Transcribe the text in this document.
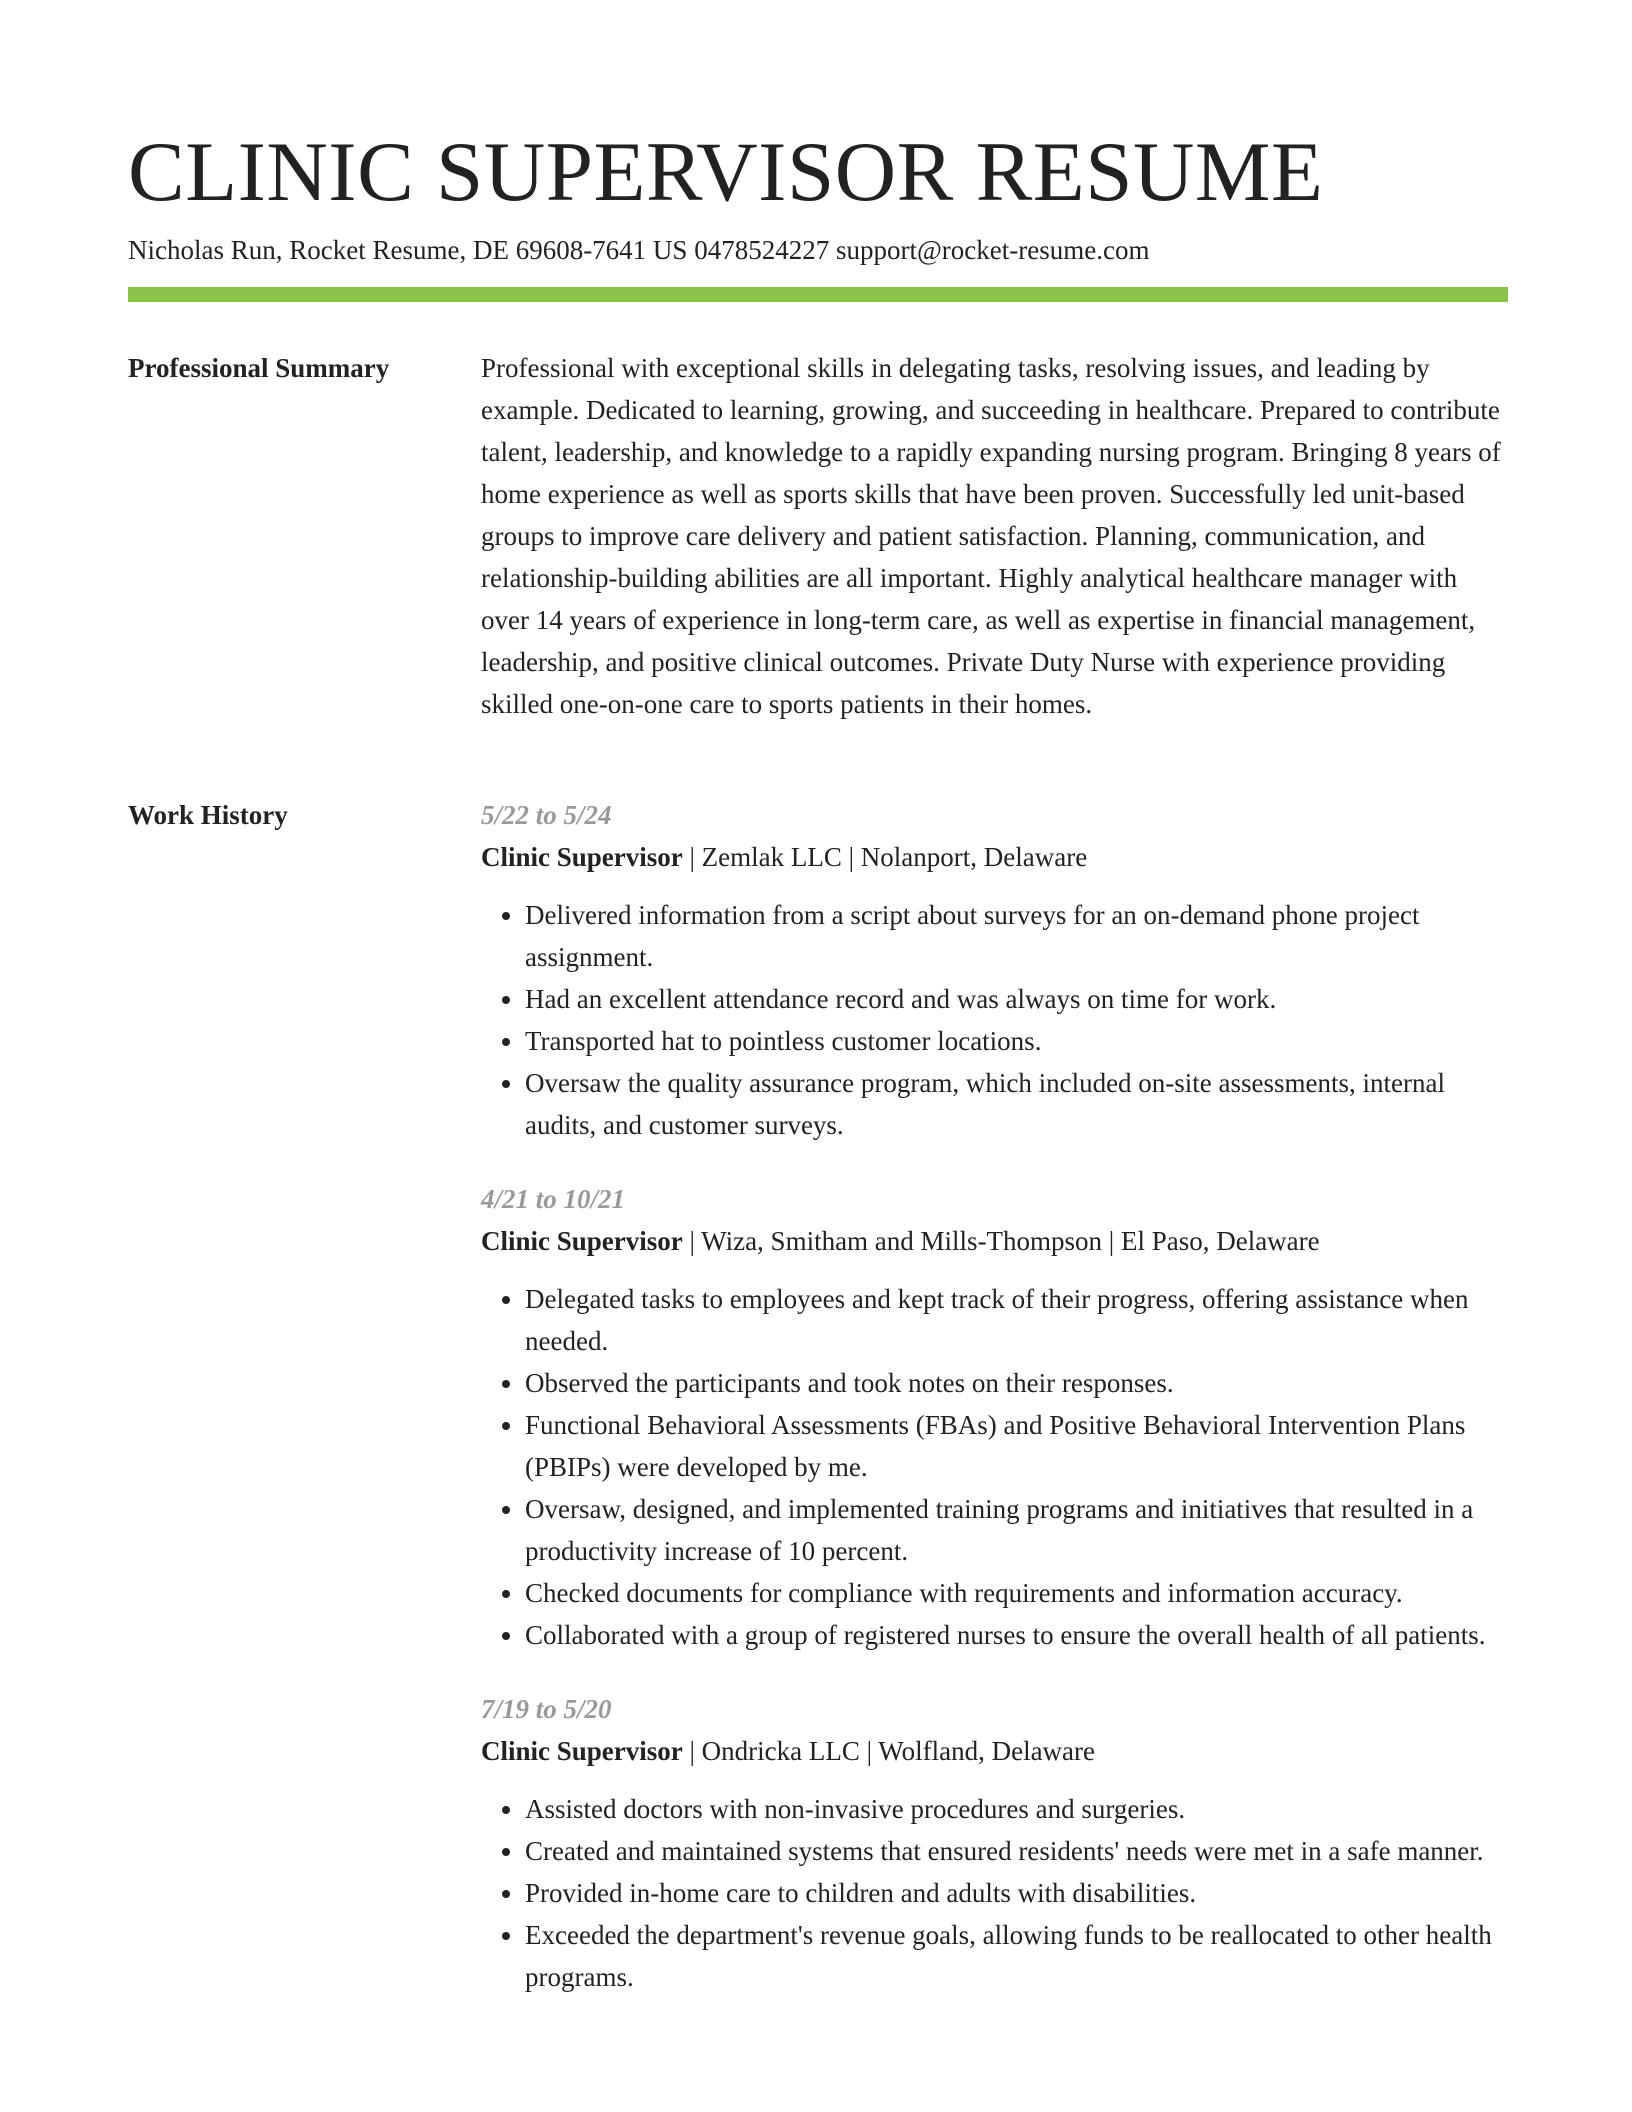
CLINIC SUPERVISOR RESUME
Nicholas Run, Rocket Resume, DE 69608-7641 US 0478524227 support@rocket-resume.com
Professional Summary	Professional with exceptional skills in delegating tasks, resolving issues, and leading by example. Dedicated to learning, growing, and succeeding in healthcare. Prepared to contribute talent, leadership, and knowledge to a rapidly expanding nursing program. Bringing 8 years of home experience as well as sports skills that have been proven. Successfully led unit-based groups to improve care delivery and patient satisfaction. Planning, communication, and relationship-building abilities are all important. Highly analytical healthcare manager with over 14 years of experience in long-term care, as well as expertise in financial management, leadership, and positive clinical outcomes. Private Duty Nurse with experience providing skilled one-on-one care to sports patients in their homes.

Work History	5/22 to 5/24
Clinic Supervisor | Zemlak LLC | Nolanport, Delaware
• Delivered information from a script about surveys for an on-demand phone project assignment.
• Had an excellent attendance record and was always on time for work.
• Transported hat to pointless customer locations.
• Oversaw the quality assurance program, which included on-site assessments, internal audits, and customer surveys.
4/21 to 10/21
Clinic Supervisor | Wiza, Smitham and Mills-Thompson | El Paso, Delaware
• Delegated tasks to employees and kept track of their progress, offering assistance when needed.
• Observed the participants and took notes on their responses.
• Functional Behavioral Assessments (FBAs) and Positive Behavioral Intervention Plans (PBIPs) were developed by me.
• Oversaw, designed, and implemented training programs and initiatives that resulted in a productivity increase of 10 percent.
• Checked documents for compliance with requirements and information accuracy.
• Collaborated with a group of registered nurses to ensure the overall health of all patients.
7/19 to 5/20
Clinic Supervisor | Ondricka LLC | Wolfland, Delaware
• Assisted doctors with non-invasive procedures and surgeries.
• Created and maintained systems that ensured residents' needs were met in a safe manner.
• Provided in-home care to children and adults with disabilities.
• Exceeded the department's revenue goals, allowing funds to be reallocated to other health programs.
